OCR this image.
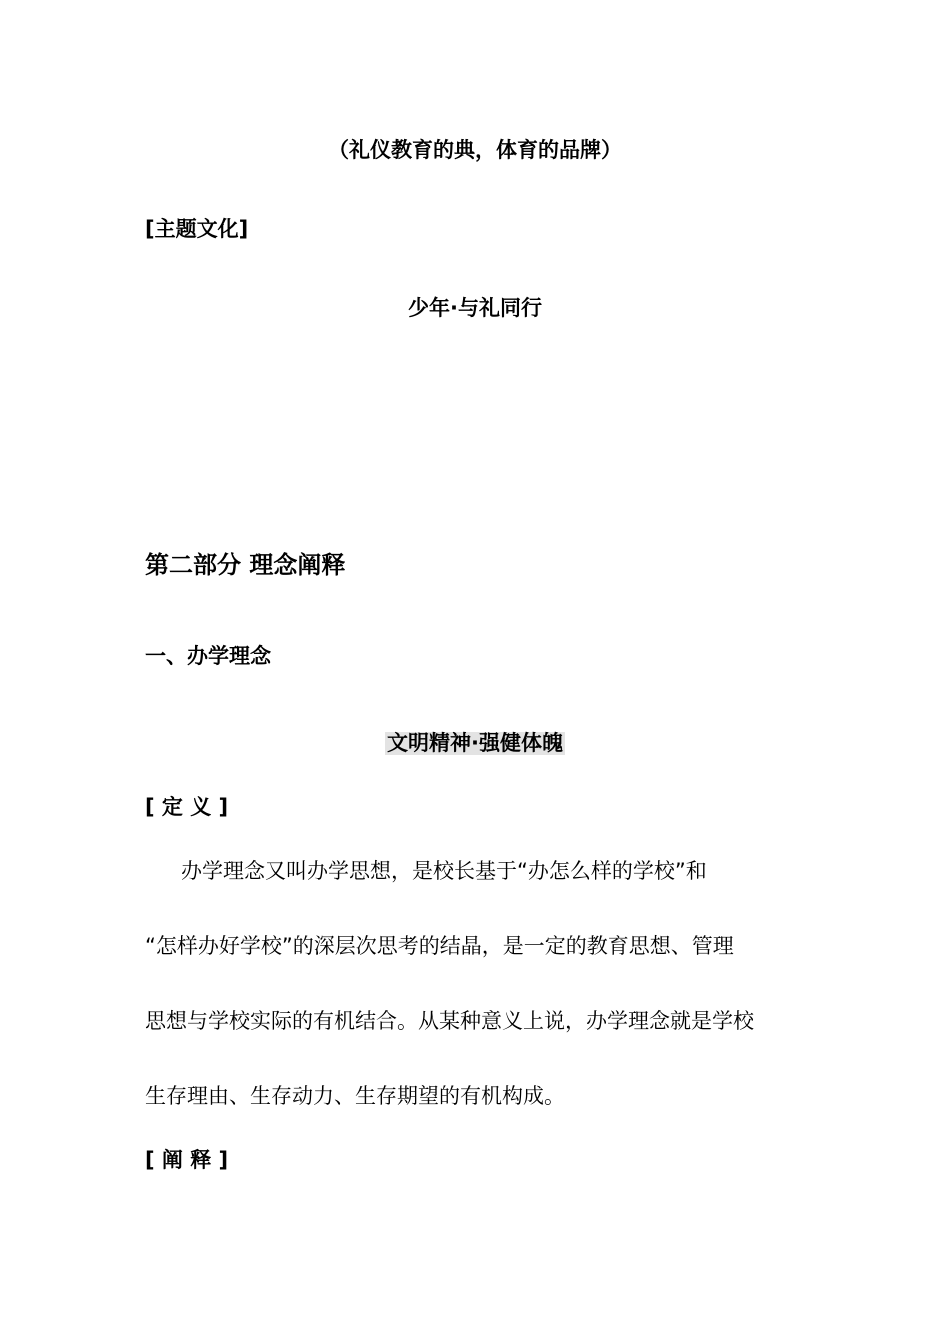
（礼仪教育的典，体育的品牌）
[主题文化]
少年·与礼同行
第二部分 理念阐释
一、办学理念
文明精神·强健体魄
[ 定 义 ]
办学理念又叫办学思想，是校长基于“办怎么样的学校”和
“怎样办好学校”的深层次思考的结晶，是一定的教育思想、管理
思想与学校实际的有机结合。从某种意义上说，办学理念就是学校
生存理由、生存动力、生存期望的有机构成。
[ 阐 释 ]
